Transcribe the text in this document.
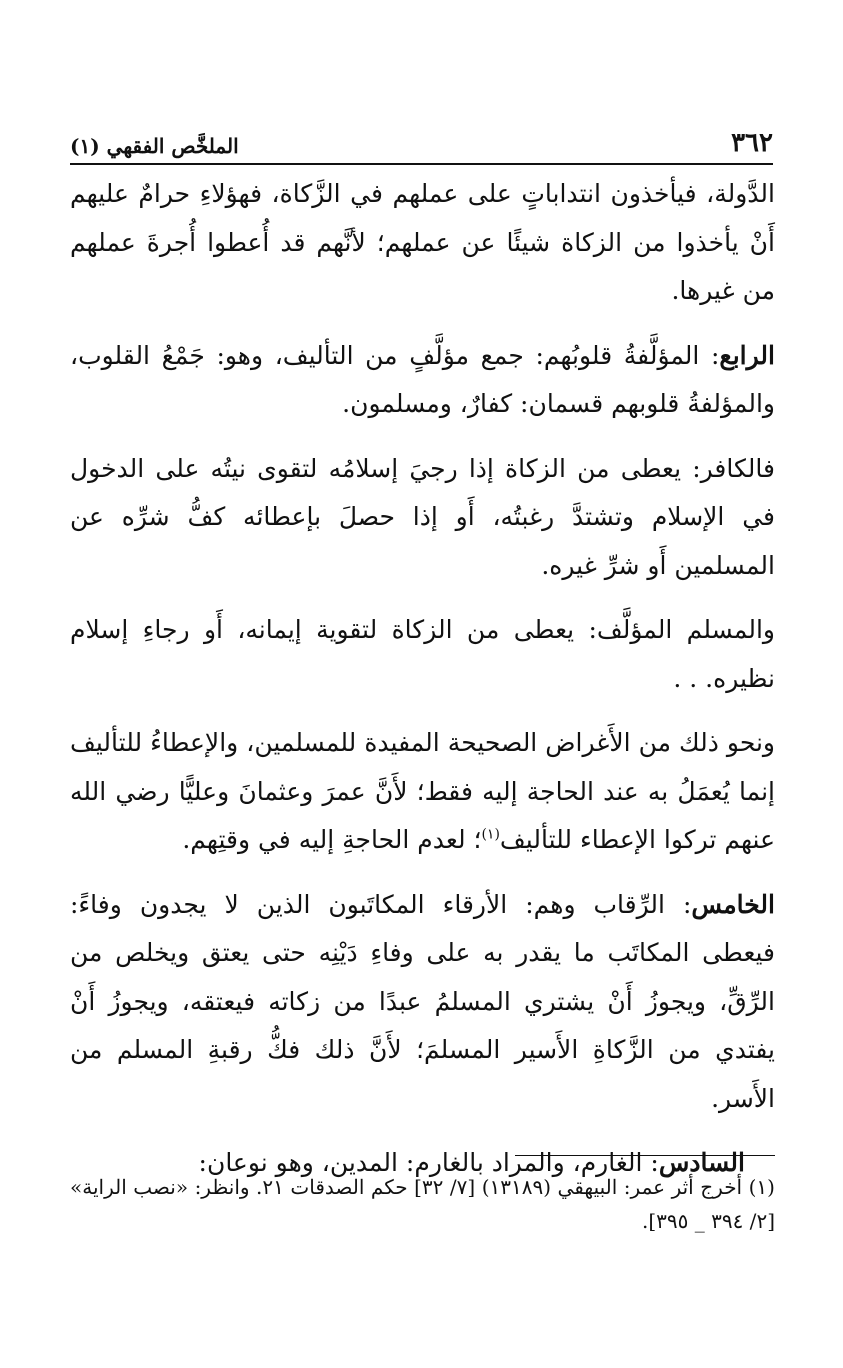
٣٦٢
الملخَّص الفقهي (١)

الدَّولة، فيأخذون انتداباتٍ على عملهم في الزَّكاة، فهؤلاءِ حرامٌ عليهم أَنْ يأخذوا من الزكاة شيئًا عن عملهم؛ لأنَّهم قد أُعطوا أُجرةَ عملهم من غيرها.

الرابع: المؤلَّفةُ قلوبُهم: جمع مؤلَّفٍ من التأليف، وهو: جَمْعُ القلوب، والمؤلفةُ قلوبهم قسمان: كفارٌ، ومسلمون.

فالكافر: يعطى من الزكاة إذا رجيَ إسلامُه لتقوى نيتُه على الدخول في الإسلام وتشتدَّ رغبتُه، أَو إذا حصلَ بإعطائه كفُّ شرِّه عن المسلمين أَو شرِّ غيره.

والمسلم المؤلَّف: يعطى من الزكاة لتقوية إيمانه، أَو رجاءِ إسلام نظيره. . .

ونحو ذلك من الأَغراض الصحيحة المفيدة للمسلمين، والإعطاءُ للتأليف إنما يُعمَلُ به عند الحاجة إليه فقط؛ لأَنَّ عمرَ وعثمانَ وعليًّا رضي الله عنهم تركوا الإعطاء للتأليف$^{(١)}$؛ لعدم الحاجةِ إليه في وقتِهم.

الخامس: الرِّقاب وهم: الأرقاء المكاتَبون الذين لا يجدون وفاءً: فيعطى المكاتَب ما يقدر به على وفاءِ دَيْنِه حتى يعتق ويخلص من الرِّقِّ، ويجوزُ أَنْ يشتري المسلمُ عبدًا من زكاته فيعتقه، ويجوزُ أَنْ يفتدي من الزَّكاةِ الأَسير المسلمَ؛ لأَنَّ ذلك فكُّ رقبةِ المسلم من الأَسر.

السادس: الغارم، والمراد بالغارم: المدين، وهو نوعان:

(١) أخرج أثر عمر: البيهقي (١٣١٨٩) [٧/ ٣٢] حكم الصدقات ٢١. وانظر: «نصب الراية» [٢/ ٣٩٤ _ ٣٩٥].
